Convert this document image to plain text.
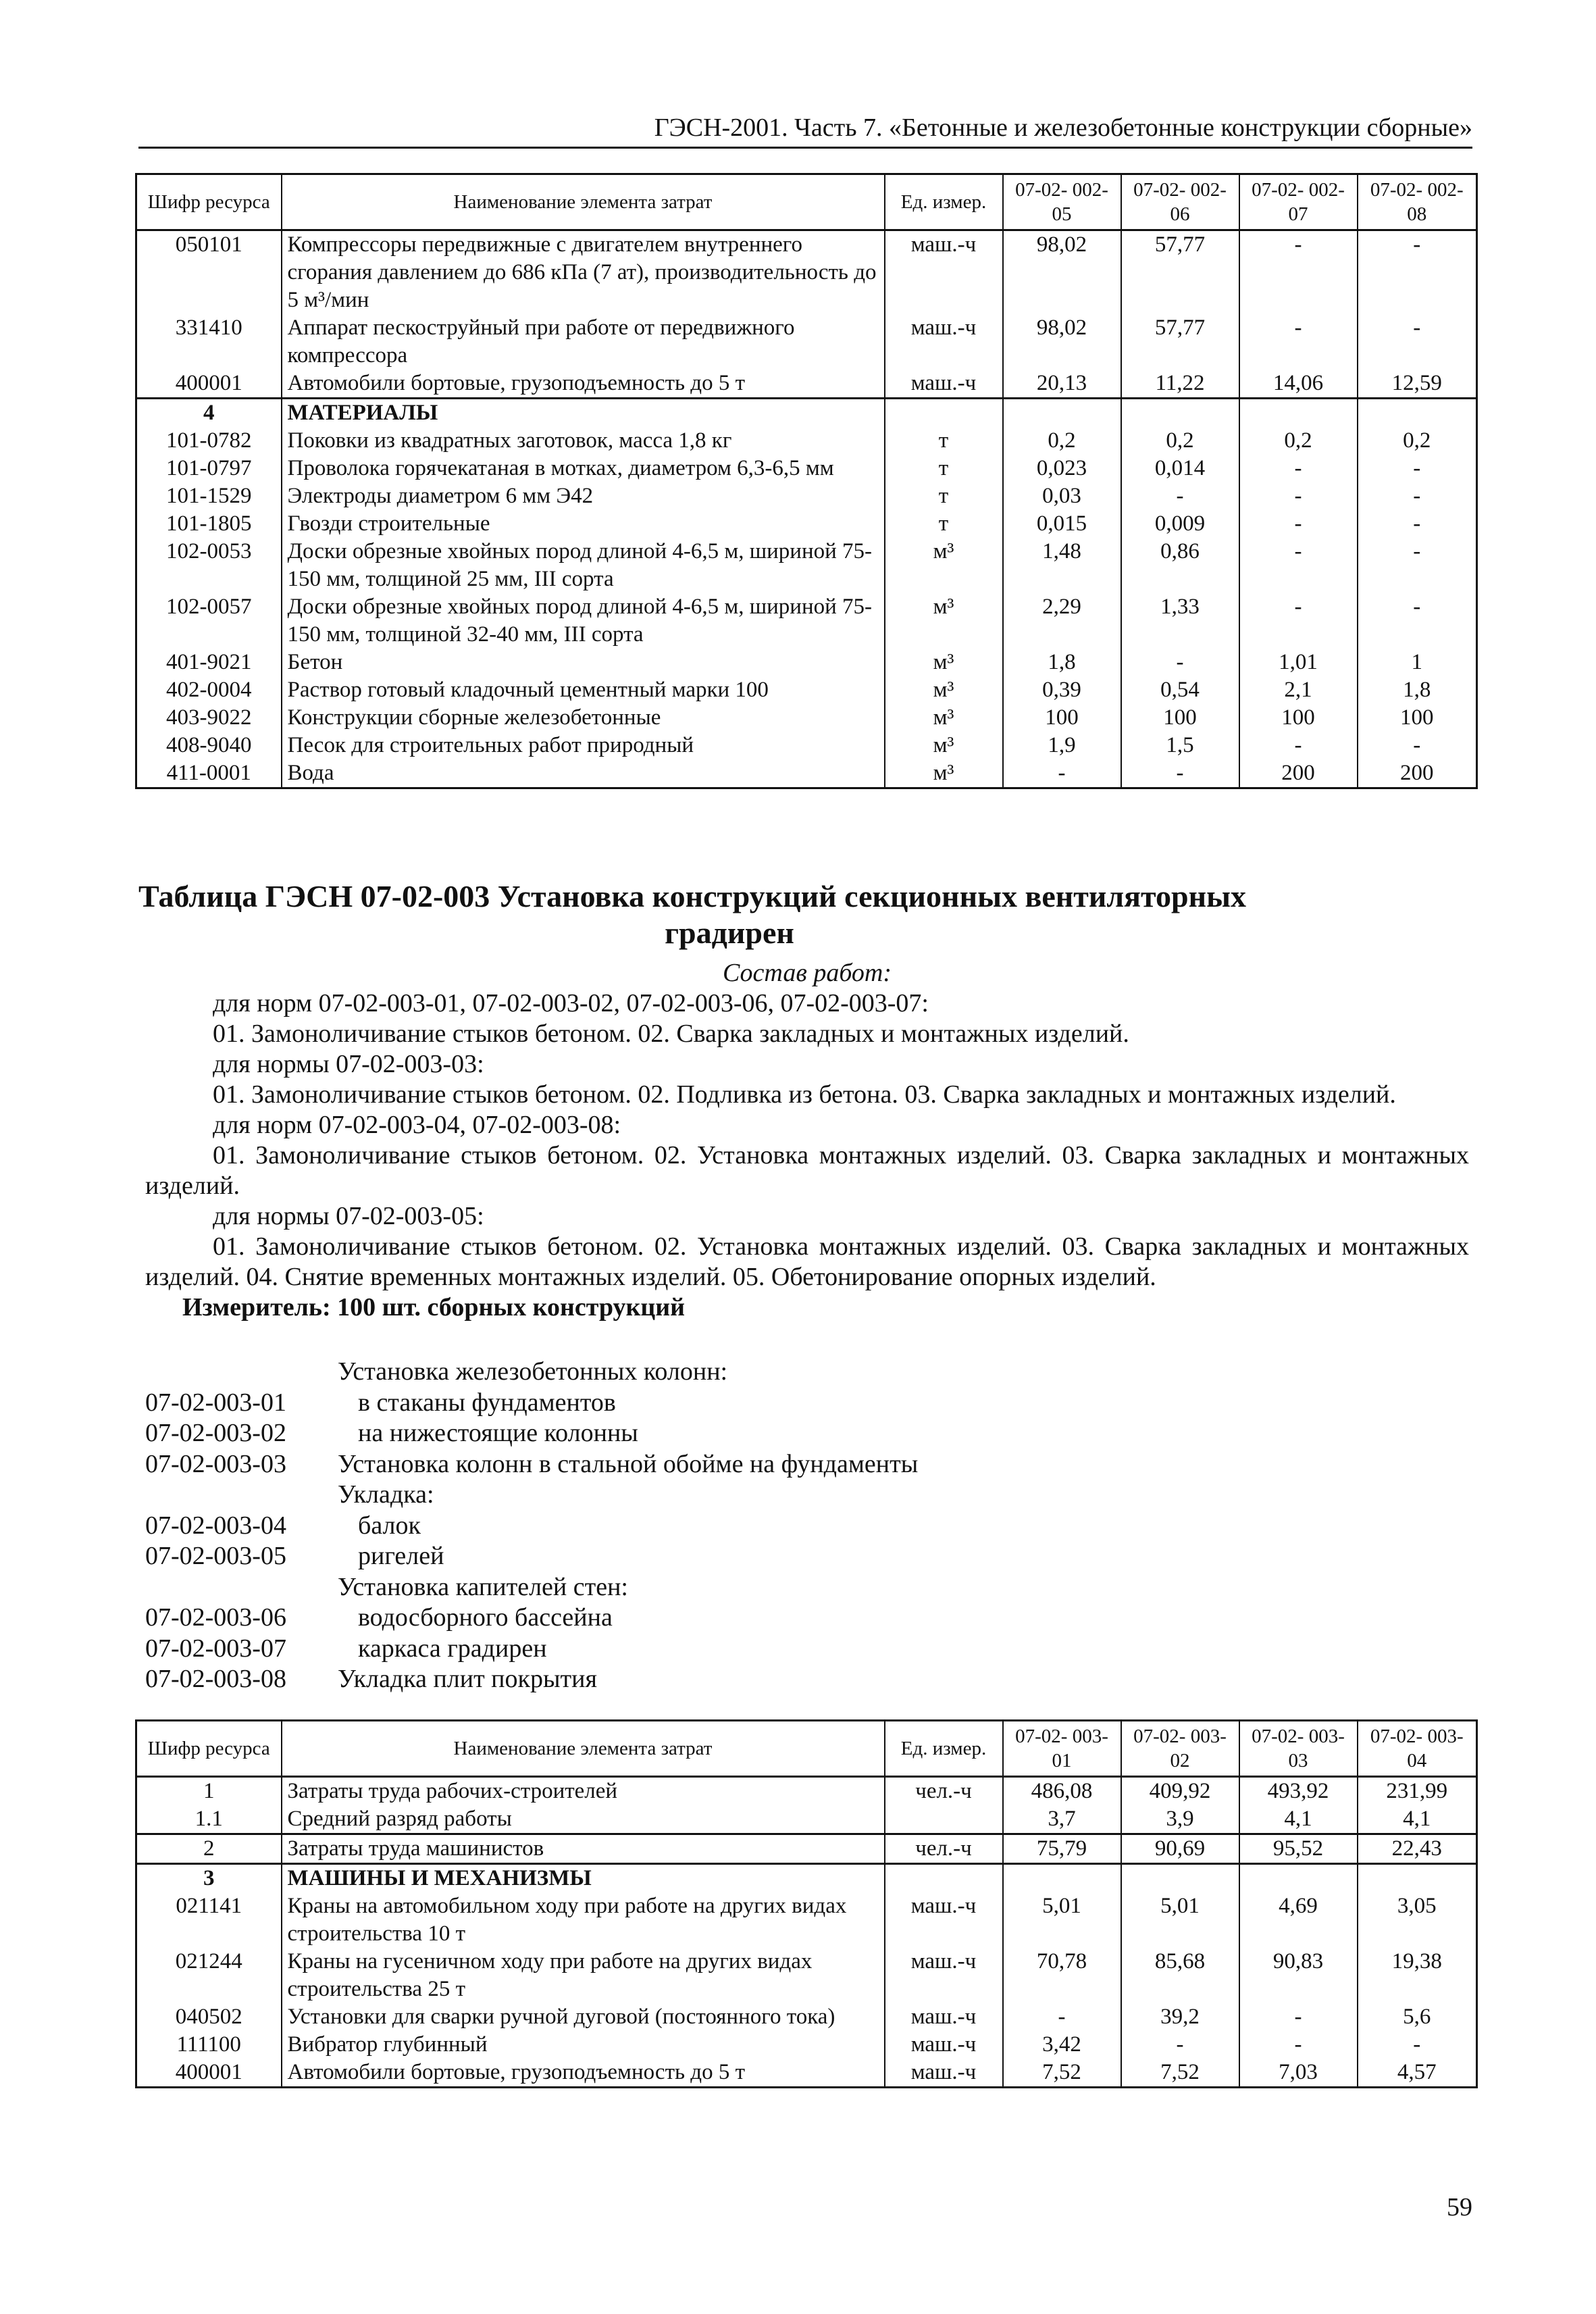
ГЭСН-2001. Часть 7. «Бетонные и железобетонные конструкции сборные»
Шифр ресурса	Наименование элемента затрат	Ед. измер.	07-02- 002-05	07-02- 002-06	07-02- 002-07	07-02- 002-08
050101	Компрессоры передвижные с двигателем внутреннего сгорания давлением до 686 кПа (7 ат), производительность до 5 м³/мин	маш.-ч	98,02	57,77	-	-
331410	Аппарат пескоструйный при работе от передвижного компрессора	маш.-ч	98,02	57,77	-	-
400001	Автомобили бортовые, грузоподъемность до 5 т	маш.-ч	20,13	11,22	14,06	12,59
4	МАТЕРИАЛЫ					
101-0782	Поковки из квадратных заготовок, масса 1,8 кг	т	0,2	0,2	0,2	0,2
101-0797	Проволока горячекатаная в мотках, диаметром 6,3-6,5 мм	т	0,023	0,014	-	-
101-1529	Электроды диаметром 6 мм Э42	т	0,03	-	-	-
101-1805	Гвозди строительные	т	0,015	0,009	-	-
102-0053	Доски обрезные хвойных пород длиной 4-6,5 м, шириной 75-150 мм, толщиной 25 мм, III сорта	м³	1,48	0,86	-	-
102-0057	Доски обрезные хвойных пород длиной 4-6,5 м, шириной 75-150 мм, толщиной 32-40 мм, III сорта	м³	2,29	1,33	-	-
401-9021	Бетон	м³	1,8	-	1,01	1
402-0004	Раствор готовый кладочный цементный марки 100	м³	0,39	0,54	2,1	1,8
403-9022	Конструкции сборные железобетонные	м³	100	100	100	100
408-9040	Песок для строительных работ природный	м³	1,9	1,5	-	-
411-0001	Вода	м³	-	-	200	200
Таблица ГЭСН 07-02-003 Установка конструкций секционных вентиляторных
градирен

Состав работ:

для норм 07-02-003-01, 07-02-003-02, 07-02-003-06, 07-02-003-07:

01. Замоноличивание стыков бетоном. 02. Сварка закладных и монтажных изделий.

для нормы 07-02-003-03:

01. Замоноличивание стыков бетоном. 02. Подливка из бетона. 03. Сварка закладных и монтажных изделий.

для норм 07-02-003-04, 07-02-003-08:

01. Замоноличивание стыков бетоном. 02. Установка монтажных изделий. 03. Сварка закладных и монтажных изделий.

для нормы 07-02-003-05:

01. Замоноличивание стыков бетоном. 02. Установка монтажных изделий. 03. Сварка закладных и монтажных изделий. 04. Снятие временных монтажных изделий. 05. Обетонирование опорных изделий.

Измеритель: 100 шт. сборных конструкций

Установка железобетонных колонн:
07-02-003-01	в стаканы фундаментов
07-02-003-02	на нижестоящие колонны
07-02-003-03	Установка колонн в стальной обойме на фундаменты
Укладка:
07-02-003-04	балок
07-02-003-05	ригелей
Установка капителей стен:
07-02-003-06	водосборного бассейна
07-02-003-07	каркаса градирен
07-02-003-08	Укладка плит покрытия
Шифр ресурса	Наименование элемента затрат	Ед. измер.	07-02- 003-01	07-02- 003-02	07-02- 003-03	07-02- 003-04
1	Затраты труда рабочих-строителей	чел.-ч	486,08	409,92	493,92	231,99
1.1	Средний разряд работы		3,7	3,9	4,1	4,1
2	Затраты труда машинистов	чел.-ч	75,79	90,69	95,52	22,43
3	МАШИНЫ И МЕХАНИЗМЫ					
021141	Краны на автомобильном ходу при работе на других видах строительства 10 т	маш.-ч	5,01	5,01	4,69	3,05
021244	Краны на гусеничном ходу при работе на других видах строительства 25 т	маш.-ч	70,78	85,68	90,83	19,38
040502	Установки для сварки ручной дуговой (постоянного тока)	маш.-ч	-	39,2	-	5,6
111100	Вибратор глубинный	маш.-ч	3,42	-	-	-
400001	Автомобили бортовые, грузоподъемность до 5 т	маш.-ч	7,52	7,52	7,03	4,57
59
